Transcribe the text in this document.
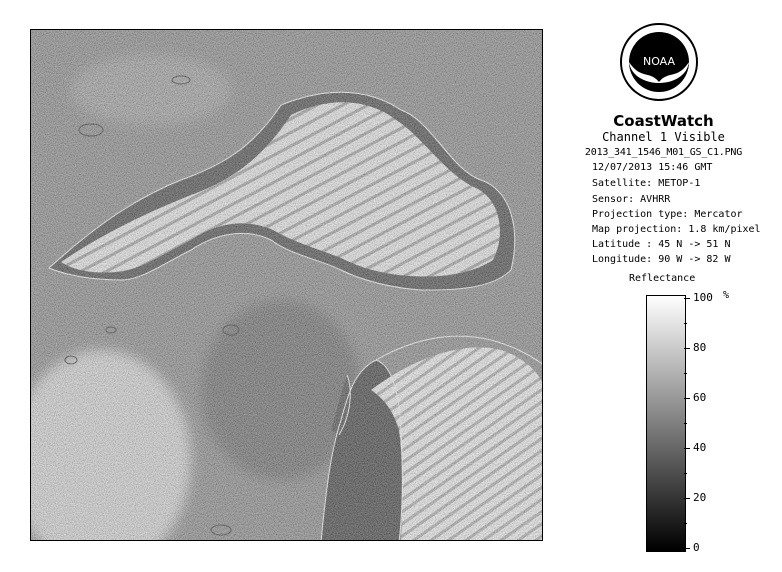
NOAA
CoastWatch
Channel 1 Visible
2013_341_1546_M01_GS_C1.PNG
12/07/2013 15:46 GMT
Satellite: METOP-1
Sensor: AVHRR
Projection type: Mercator
Map projection: 1.8 km/pixel
Latitude : 45 N -> 51 N
Longitude: 90 W -> 82 W
Reflectance
%
100
80
60
40
20
0
